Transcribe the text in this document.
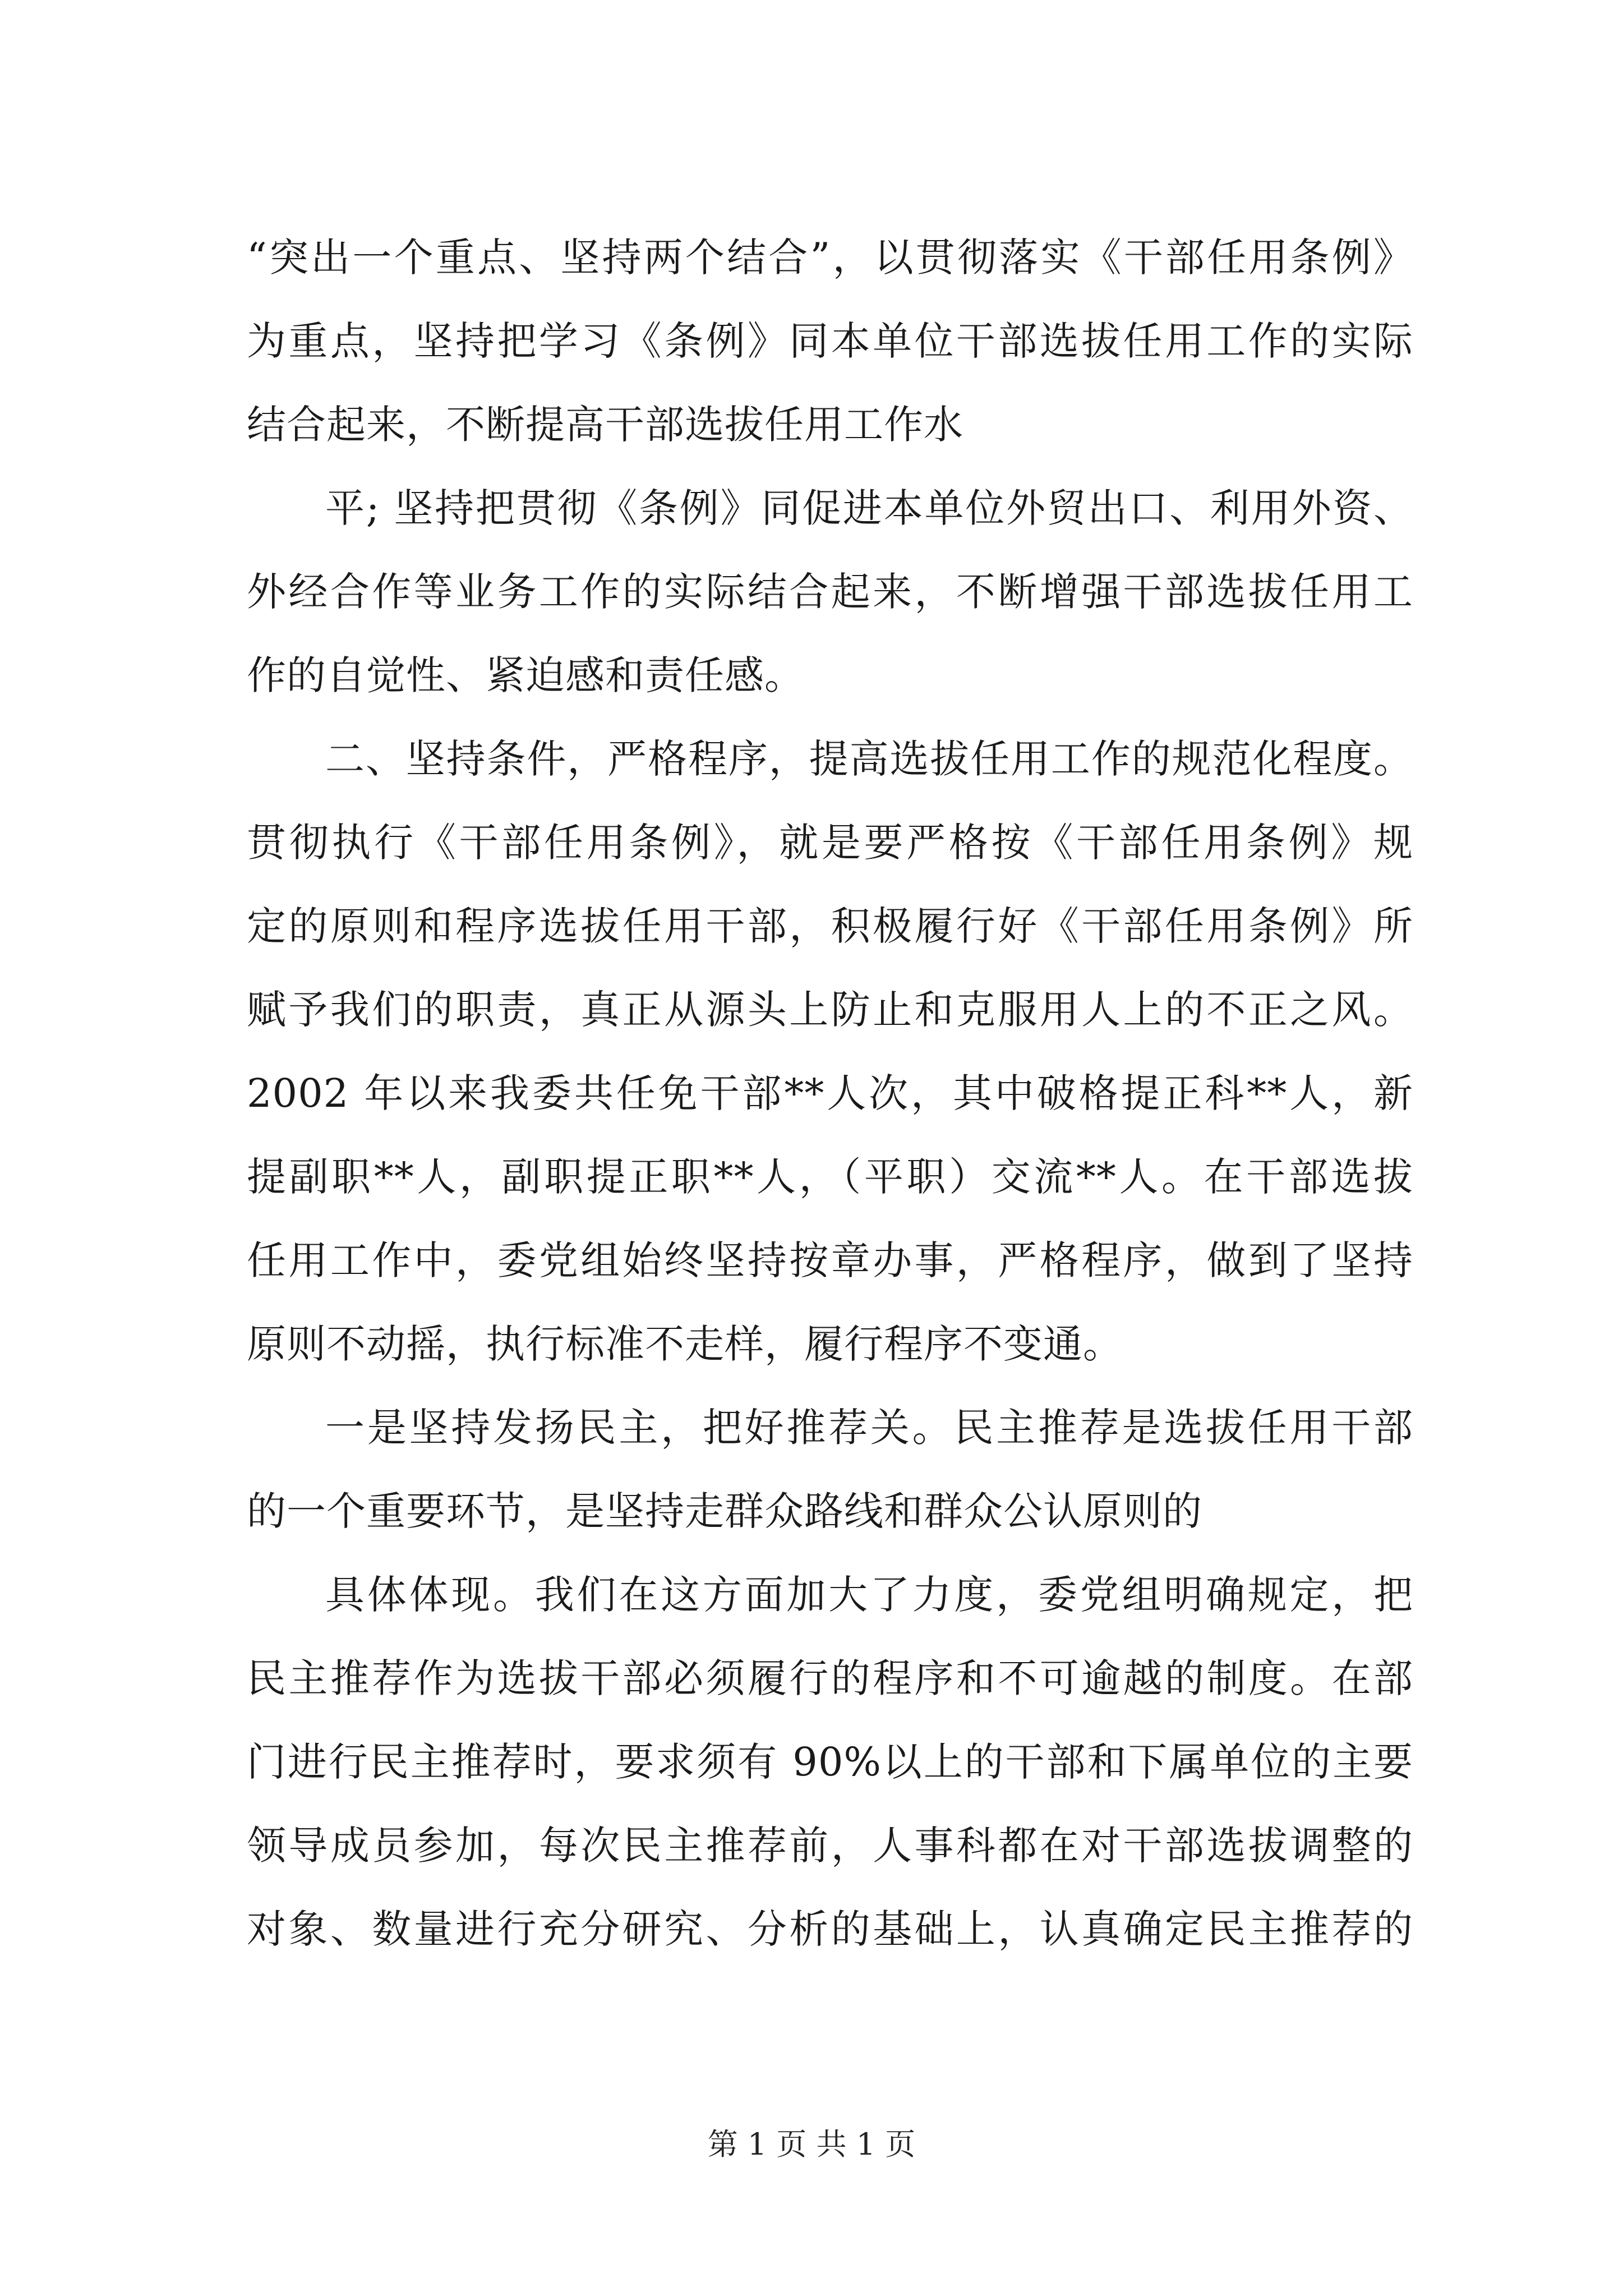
“突出一个重点、坚持两个结合”，以贯彻落实《干部任用条例》
为重点，坚持把学习《条例》同本单位干部选拔任用工作的实际
结合起来，不断提高干部选拔任用工作水
平; 坚持把贯彻《条例》同促进本单位外贸出口、利用外资、
外经合作等业务工作的实际结合起来，不断增强干部选拔任用工
作的自觉性、紧迫感和责任感。
二、坚持条件，严格程序，提高选拔任用工作的规范化程度。
贯彻执行《干部任用条例》，就是要严格按《干部任用条例》规
定的原则和程序选拔任用干部，积极履行好《干部任用条例》所
赋予我们的职责，真正从源头上防止和克服用人上的不正之风。
2002 年以来我委共任免干部**人次，其中破格提正科**人，新
提副职**人，副职提正职**人，（平职）交流**人。在干部选拔
任用工作中，委党组始终坚持按章办事，严格程序，做到了坚持
原则不动摇，执行标准不走样，履行程序不变通。
一是坚持发扬民主，把好推荐关。民主推荐是选拔任用干部
的一个重要环节，是坚持走群众路线和群众公认原则的
具体体现。我们在这方面加大了力度，委党组明确规定，把
民主推荐作为选拔干部必须履行的程序和不可逾越的制度。在部
门进行民主推荐时，要求须有 90%以上的干部和下属单位的主要
领导成员参加，每次民主推荐前，人事科都在对干部选拔调整的
对象、数量进行充分研究、分析的基础上，认真确定民主推荐的
第 1 页 共 1 页
